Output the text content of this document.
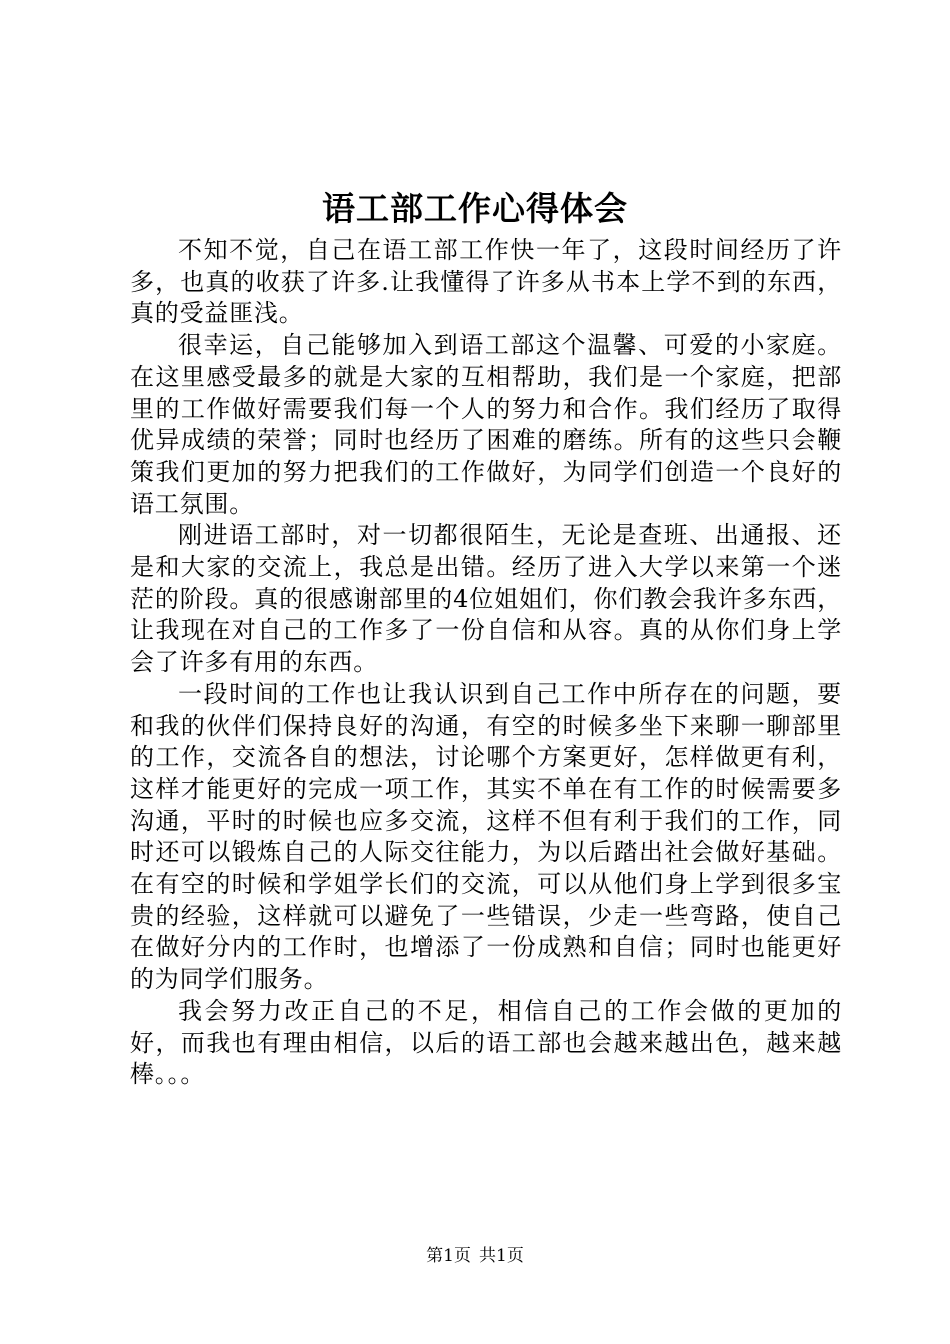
语工部工作心得体会

不知不觉，自己在语工部工作快一年了，这段时间经历了许多，也真的收获了许多.让我懂得了许多从书本上学不到的东西，真的受益匪浅。

很幸运，自己能够加入到语工部这个温馨、可爱的小家庭。在这里感受最多的就是大家的互相帮助，我们是一个家庭，把部里的工作做好需要我们每一个人的努力和合作。我们经历了取得优异成绩的荣誉；同时也经历了困难的磨练。所有的这些只会鞭策我们更加的努力把我们的工作做好，为同学们创造一个良好的语工氛围。

刚进语工部时，对一切都很陌生，无论是查班、出通报、还是和大家的交流上，我总是出错。经历了进入大学以来第一个迷茫的阶段。真的很感谢部里的4位姐姐们，你们教会我许多东西，让我现在对自己的工作多了一份自信和从容。真的从你们身上学会了许多有用的东西。

一段时间的工作也让我认识到自己工作中所存在的问题，要和我的伙伴们保持良好的沟通，有空的时候多坐下来聊一聊部里的工作，交流各自的想法，讨论哪个方案更好，怎样做更有利，这样才能更好的完成一项工作，其实不单在有工作的时候需要多沟通，平时的时候也应多交流，这样不但有利于我们的工作，同时还可以锻炼自己的人际交往能力，为以后踏出社会做好基础。在有空的时候和学姐学长们的交流，可以从他们身上学到很多宝贵的经验，这样就可以避免了一些错误，少走一些弯路，使自己在做好分内的工作时，也增添了一份成熟和自信；同时也能更好的为同学们服务。

我会努力改正自己的不足，相信自己的工作会做的更加的好，而我也有理由相信，以后的语工部也会越来越出色，越来越棒。。。

第1页 共1页
